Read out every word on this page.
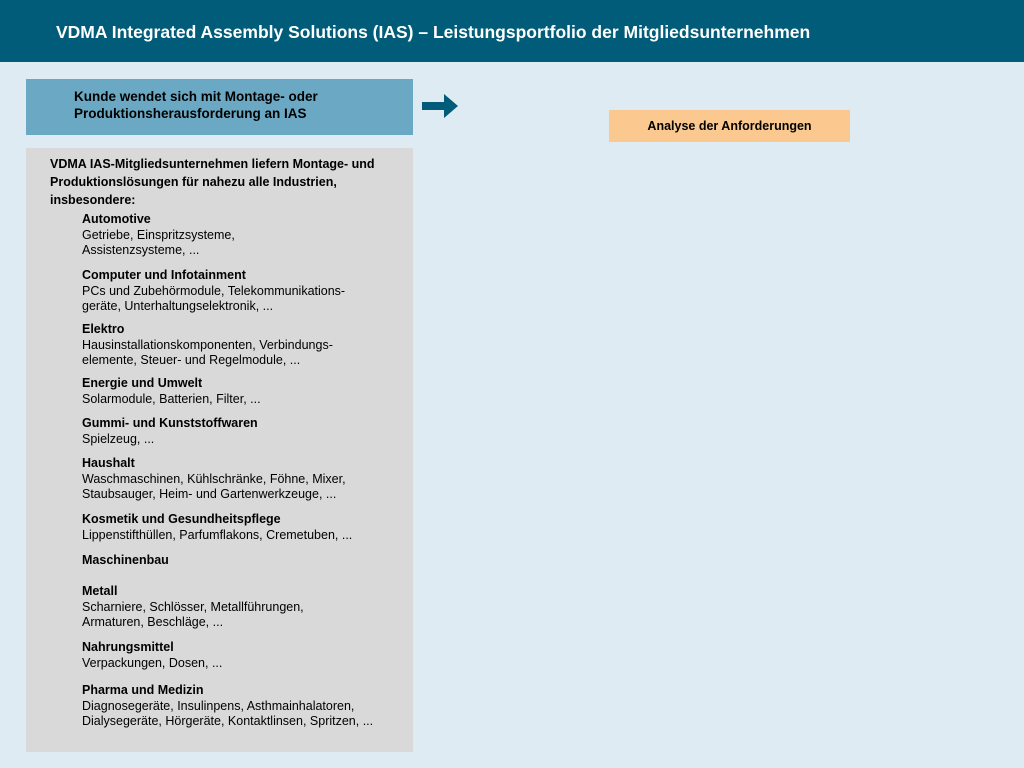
VDMA Integrated Assembly Solutions (IAS) – Leistungsportfolio der Mitgliedsunternehmen
Kunde wendet sich mit Montage- oder Produktionsherausforderung an IAS
Analyse der Anforderungen
VDMA IAS-Mitgliedsunternehmen liefern Montage- und Produktionslösungen für nahezu alle Industrien, insbesondere:
Automotive
Getriebe, Einspritzsysteme,
Assistenzsysteme, ...
Computer und Infotainment
PCs und Zubehörmodule, Telekommunikations-
geräte, Unterhaltungselektronik, ...
Elektro
Hausinstallationskomponenten, Verbindungs-
elemente, Steuer- und Regelmodule, ...
Energie und Umwelt
Solarmodule, Batterien, Filter, ...
Gummi- und Kunststoffwaren
Spielzeug, ...
Haushalt
Waschmaschinen, Kühlschränke, Föhne, Mixer,
Staubsauger, Heim- und Gartenwerkzeuge, ...
Kosmetik und Gesundheitspflege
Lippenstifthüllen, Parfumflakons, Cremetuben, ...
Maschinenbau
Metall
Scharniere, Schlösser, Metallführungen,
Armaturen, Beschläge, ...
Nahrungsmittel
Verpackungen, Dosen, ...
Pharma und Medizin
Diagnosegeräte, Insulinpens, Asthmainhalatoren,
Dialysegeräte, Hörgeräte, Kontaktlinsen, Spritzen, ...
